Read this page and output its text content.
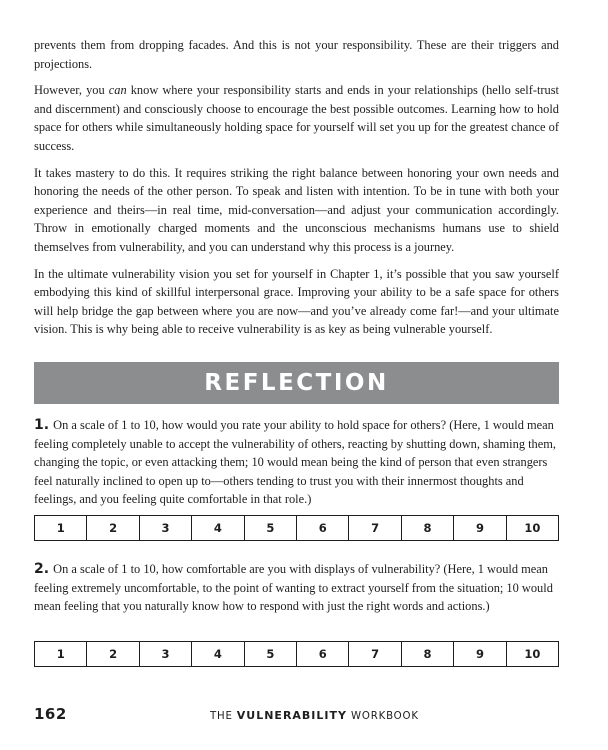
prevents them from dropping facades. And this is not your responsibility. These are their triggers and projections.

However, you can know where your responsibility starts and ends in your relationships (hello self-trust and discernment) and consciously choose to encourage the best possible outcomes. Learning how to hold space for others while simultaneously holding space for yourself will set you up for the greatest chance of success.

It takes mastery to do this. It requires striking the right balance between honoring your own needs and honoring the needs of the other person. To speak and listen with intention. To be in tune with both your experience and theirs—in real time, mid-conversation—and adjust your communication accordingly. Throw in emotionally charged moments and the unconscious mechanisms humans use to shield themselves from vulnerability, and you can understand why this process is a journey.

In the ultimate vulnerability vision you set for yourself in Chapter 1, it’s possible that you saw yourself embodying this kind of skillful interpersonal grace. Improving your ability to be a safe space for others will help bridge the gap between where you are now—and you’ve already come far!—and your ultimate vision. This is why being able to receive vulnerability is as key as being vulnerable yourself.

REFLECTION
1. On a scale of 1 to 10, how would you rate your ability to hold space for others? (Here, 1 would mean feeling completely unable to accept the vulnerability of others, reacting by shutting down, shaming them, changing the topic, or even attacking them; 10 would mean being the kind of person that even strangers feel naturally inclined to open up to—others tending to trust you with their innermost thoughts and feelings, and you feeling quite comfortable in that role.)
1	2	3	4	5	6	7	8	9	10
2. On a scale of 1 to 10, how comfortable are you with displays of vulnerability? (Here, 1 would mean feeling extremely uncomfortable, to the point of wanting to extract yourself from the situation; 10 would mean feeling that you naturally know how to respond with just the right words and actions.)
1	2	3	4	5	6	7	8	9	10
162	THE VULNERABILITY WORKBOOK
